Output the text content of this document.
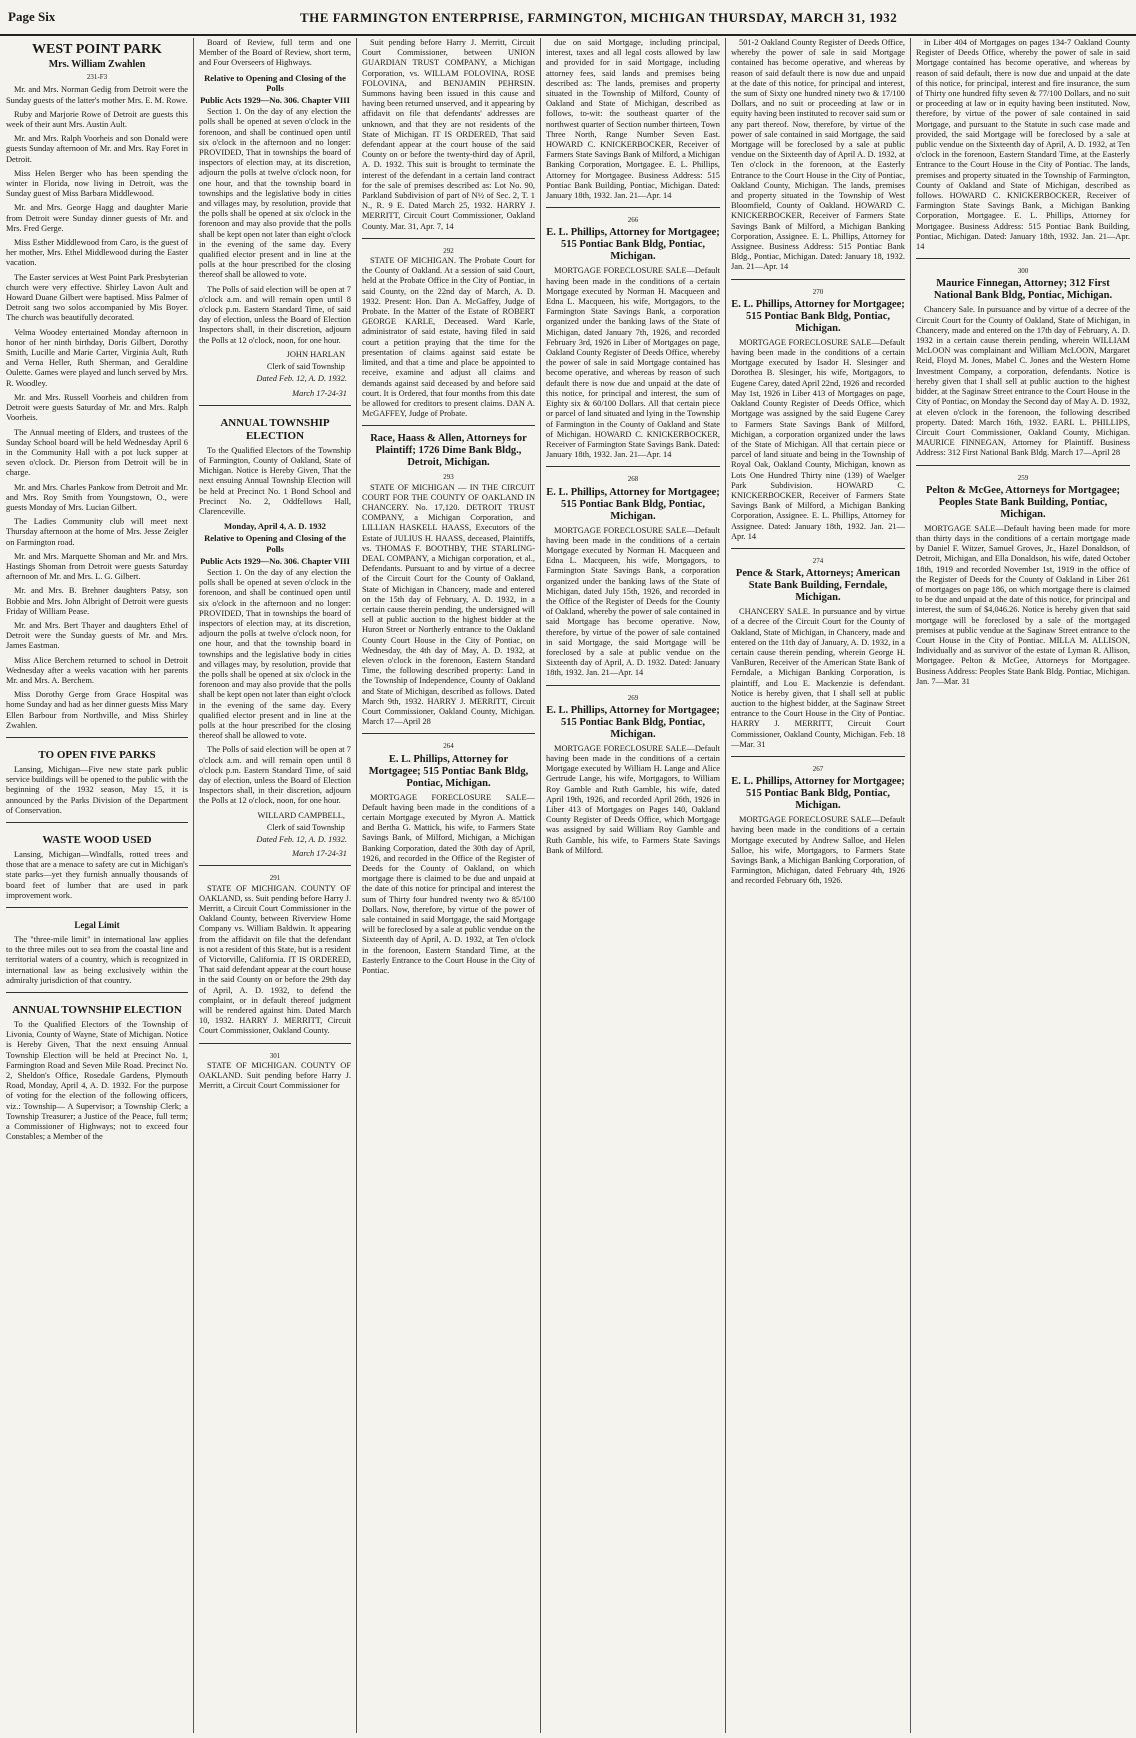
Page Six	THE FARMINGTON ENTERPRISE, FARMINGTON, MICHIGAN THURSDAY, MARCH 31, 1932
WEST POINT PARK
Mrs. William Zwahlen
231-F3

Mr. and Mrs. Norman Gedig from Detroit were the Sunday guests of the latter's mother Mrs. E. M. Rowe.

Ruby and Marjorie Rowe of Detroit are guests this week of their aunt Mrs. Austin Ault.

Mr. and Mrs. Ralph Voorheis and son Donald were guests Sunday afternoon of Mr. and Mrs. Ray Foret in Detroit.

Miss Helen Berger who has been spending the winter in Florida, now living in Detroit, was the Sunday guest of Miss Barbara Middlewood.

Mr. and Mrs. George Hagg and daughter Marie from Detroit were Sunday dinner guests of Mr. and Mrs. Fred Gerge.

Miss Esther Middlewood from Caro, is the guest of her mother, Mrs. Ethel Middlewood during the Easter vacation.

The Easter services at West Point Park Presbyterian church were very effective. Shirley Lavon Ault and Howard Duane Gilbert were baptised. Miss Palmer of Detroit sang two solos accompanied by Mis Boyer. The church was beautifully decorated.

Velma Woodey entertained Monday afternoon in honor of her ninth birthday, Doris Gilbert, Dorothy Smith, Lucille and Marie Carter, Virginia Ault, Ruth and Verna Heller, Ruth Sherman, and Geraldine Oulette. Games were played and lunch served by Mrs. R. Woodley.

Mr. and Mrs. Russell Voorheis and children from Detroit were guests Saturday of Mr. and Mrs. Ralph Voorheis.

The Annual meeting of Elders, and trustees of the Sunday School board will be held Wednesday April 6 in the Community Hall with a pot luck supper at seven o'clock. Dr. Pierson from Detroit will be in charge.

Mr. and Mrs. Charles Pankow from Detroit and Mr. and Mrs. Roy Smith from Youngstown, O., were guests Monday of Mrs. Lucian Gilbert.

The Ladies Community club will meet next Thursday afternoon at the home of Mrs. Jesse Zeigler on Farmington road.

Mr. and Mrs. Marquette Shoman and Mr. and Mrs. Hastings Shoman from Detroit were guests Saturday afternoon of Mr. and Mrs. L. G. Gilbert.

Mr. and Mrs. B. Brehner daughters Patsy, son Bobbie and Mrs. John Albright of Detroit were guests Friday of William Pease.

Mr. and Mrs. Bert Thayer and daughters Ethel of Detroit were the Sunday guests of Mr. and Mrs. James Eastman.

Miss Alice Berchem returned to school in Detroit Wednesday after a weeks vacation with her parents Mr. and Mrs. A. Berchem.

Miss Dorothy Gerge from Grace Hospital was home Sunday and had as her dinner guests Miss Mary Ellen Barbour from Northville, and Miss Shirley Zwahlen.

TO OPEN FIVE PARKS

Lansing, Michigan—Five new state park public service buildings will be opened to the public with the beginning of the 1932 season, May 15, it is announced by the Parks Division of the Department of Conservation.

WASTE WOOD USED

Lansing, Michigan—Windfalls, rotted trees and those that are a menace to safety are cut in Michigan's state parks—yet they furnish annually thousands of board feet of lumber that are used in park improvement work.

Legal Limit

The "three-mile limit" in international law applies to the three miles out to sea from the coastal line and territorial waters of a country, which is recognized in international law as being exclusively within the admiralty jurisdiction of that country.

ANNUAL TOWNSHIP ELECTION

To the Qualified Electors of the Township of Livonia, County of Wayne, State of Michigan. Notice is Hereby Given, That the next ensuing Annual Township Election will be held at Precinct No. 1, Farmington Road and Seven Mile Road. Precinct No. 2, Sheldon's Office, Rosedale Gardens, Plymouth Road, Monday, April 4, A. D. 1932. For the purpose of voting for the election of the following officers, viz.: Township— A Supervisor; a Township Clerk; a Township Treasurer; a Justice of the Peace, full term; a Commissioner of Highways; not to exceed four Constables; a Member of the

Board of Review, full term and one Member of the Board of Review, short term, and Four Overseers of Highways.

Relative to Opening and Closing of the Polls
Public Acts 1929—No. 306. Chapter VIII

Section 1. On the day of any election the polls shall be opened at seven o'clock in the forenoon, and shall be continued open until six o'clock in the afternoon and no longer: PROVIDED, That in townships the board of inspectors of election may, at its discretion, adjourn the polls at twelve o'clock noon, for one hour, and that the township board in townships and the legislative body in cities and villages may, by resolution, provide that the polls shall be opened at six o'clock in the forenoon and may also provide that the polls shall be kept open not later than eight o'clock in the evening of the same day. Every qualified elector present and in line at the polls at the hour prescribed for the closing thereof shall be allowed to vote.

The Polls of said election will be open at 7 o'clock a.m. and will remain open until 8 o'clock p.m. Eastern Standard Time, of said day of election, unless the Board of Election Inspectors shall, in their discretion, adjourn the Polls at 12 o'clock, noon, for one hour.

JOHN HARLAN
Clerk of said Township
Dated Feb. 12, A. D. 1932.
March 17-24-31
ANNUAL TOWNSHIP ELECTION

To the Qualified Electors of the Township of Farmington, County of Oakland, State of Michigan. Notice is Hereby Given, That the next ensuing Annual Township Election will be held at Precinct No. 1 Bond School and Precinct No. 2, Oddfellows Hall, Clarenceville.

Monday, April 4, A. D. 1932
Relative to Opening and Closing of the Polls
Public Acts 1929—No. 306. Chapter VIII

Section 1. On the day of any election the polls shall be opened at seven o'clock in the forenoon, and shall be continued open until six o'clock in the afternoon and no longer: PROVIDED, That in townships the board of inspectors of election may, at its discretion, adjourn the polls at twelve o'clock noon, for one hour, and that the township board in townships and the legislative body in cities and villages may, by resolution, provide that the polls shall be opened at six o'clock in the forenoon and may also provide that the polls shall be kept open not later than eight o'clock in the evening of the same day. Every qualified elector present and in line at the polls at the hour prescribed for the closing thereof shall be allowed to vote.

The Polls of said election will be open at 7 o'clock a.m. and will remain open until 8 o'clock p.m. Eastern Standard Time, of said day of election, unless the Board of Election Inspectors shall, in their discretion, adjourn the Polls at 12 o'clock, noon, for one hour.

WILLARD CAMPBELL,
Clerk of said Township
Dated Feb. 12, A. D. 1932.
March 17-24-31
291

STATE OF MICHIGAN. COUNTY OF OAKLAND, ss. Suit pending before Harry J. Merritt, a Circuit Court Commissioner in the Oakland County, between Riverview Home Company vs. William Baldwin. It appearing from the affidavit on file that the defendant is not a resident of this State, but is a resident of Victorville, California. IT IS ORDERED, That said defendant appear at the court house in the said County on or before the 29th day of April, A. D. 1932, to defend the complaint, or in default thereof judgment will be rendered against him. Dated March 10, 1932. HARRY J. MERRITT, Circuit Court Commissioner, Oakland County.

301

STATE OF MICHIGAN. COUNTY OF OAKLAND. Suit pending before Harry J. Merritt, a Circuit Court Commissioner for

Suit pending before Harry J. Merritt, Circuit Court Commissioner, between UNION GUARDIAN TRUST COMPANY, a Michigan Corporation, vs. WILLAM FOLOVINA, ROSE FOLOVINA, and BENJAMIN PEHRSIN. Summons having been issued in this cause and having been returned unserved, and it appearing by affidavit on file that defendants' addresses are unknown, and that they are not residents of the State of Michigan. IT IS ORDERED, That said defendant appear at the court house of the said County on or before the twenty-third day of April, A. D. 1932. This suit is brought to terminate the interest of the defendant in a certain land contract for the sale of premises described as: Lot No. 90, Parkland Subdivision of part of N½ of Sec. 2, T. 1 N., R. 9 E. Dated March 25, 1932. HARRY J. MERRITT, Circuit Court Commissioner, Oakland County. Mar. 31, Apr. 7, 14

292

STATE OF MICHIGAN. The Probate Court for the County of Oakland. At a session of said Court, held at the Probate Office in the City of Pontiac, in said County, on the 22nd day of March, A. D. 1932. Present: Hon. Dan A. McGaffey, Judge of Probate. In the Matter of the Estate of ROBERT GEORGE KARLE, Deceased. Ward Karle, administrator of said estate, having filed in said court a petition praying that the time for the presentation of claims against said estate be limited, and that a time and place be appointed to receive, examine and adjust all claims and demands against said deceased by and before said court. It is Ordered, that four months from this date be allowed for creditors to present claims. DAN A. McGAFFEY, Judge of Probate.

Race, Haass & Allen, Attorneys for Plaintiff; 1726 Dime Bank Bldg., Detroit, Michigan.
293

STATE OF MICHIGAN — IN THE CIRCUIT COURT FOR THE COUNTY OF OAKLAND IN CHANCERY. No. 17,120. DETROIT TRUST COMPANY, a Michigan Corporation, and LILLIAN HASKELL HAASS, Executors of the Estate of JULIUS H. HAASS, deceased, Plaintiffs, vs. THOMAS F. BOOTHBY, THE STARLING-DEAL COMPANY, a Michigan corporation, et al., Defendants. Pursuant to and by virtue of a decree of the Circuit Court for the County of Oakland, State of Michigan in Chancery, made and entered on the 15th day of February, A. D. 1932, in a certain cause therein pending, the undersigned will sell at public auction to the highest bidder at the Huron Street or Northerly entrance to the Oakland County Court House in the City of Pontiac, on Wednesday, the 4th day of May, A. D. 1932, at eleven o'clock in the forenoon, Eastern Standard Time, the following described property: Land in the Township of Independence, County of Oakland and State of Michigan, described as follows. Dated March 9th, 1932. HARRY J. MERRITT, Circuit Court Commissioner, Oakland County, Michigan. March 17—April 28

264
E. L. Phillips, Attorney for Mortgagee; 515 Pontiac Bank Bldg, Pontiac, Michigan.

MORTGAGE FORECLOSURE SALE—Default having been made in the conditions of a certain Mortgage executed by Myron A. Mattick and Bertha G. Mattick, his wife, to Farmers State Savings Bank, of Milford, Michigan, a Michigan Banking Corporation, dated the 30th day of April, 1926, and recorded in the Office of the Register of Deeds for the County of Oakland, on which mortgage there is claimed to be due and unpaid at the date of this notice for principal and interest the sum of Thirty four hundred twenty two & 85/100 Dollars. Now, therefore, by virtue of the power of sale contained in said Mortgage, the said Mortgage will be foreclosed by a sale at public vendue on the Sixteenth day of April, A. D. 1932, at Ten o'clock in the forenoon, Eastern Standard Time, at the Easterly Entrance to the Court House in the City of Pontiac.

due on said Mortgage, including principal, interest, taxes and all legal costs allowed by law and provided for in said Mortgage, including attorney fees, said lands and premises being described as: The lands, premises and property situated in the Township of Milford, County of Oakland and State of Michigan, described as follows, to-wit: the southeast quarter of the northwest quarter of Section number thirteen, Town Three North, Range Number Seven East. HOWARD C. KNICKERBOCKER, Receiver of Farmers State Savings Bank of Milford, a Michigan Banking Corporation, Mortgagee. E. L. Phillips, Attorney for Mortgagee. Business Address: 515 Pontiac Bank Building, Pontiac, Michigan. Dated: January 18th, 1932. Jan. 21—Apr. 14

266
E. L. Phillips, Attorney for Mortgagee; 515 Pontiac Bank Bldg, Pontiac, Michigan.

MORTGAGE FORECLOSURE SALE—Default having been made in the conditions of a certain Mortgage executed by Norman H. Macqueen and Edna L. Macqueen, his wife, Mortgagors, to the Farmington State Savings Bank, a corporation organized under the banking laws of the State of Michigan, dated January 7th, 1926, and recorded February 3rd, 1926 in Liber of Mortgages on page, Oakland County Register of Deeds Office, whereby the power of sale in said Mortgage contained has become operative, and whereas by reason of such default there is now due and unpaid at the date of this notice, for principal and interest, the sum of Eighty six & 60/100 Dollars. All that certain piece or parcel of land situated and lying in the Township of Farmington in the County of Oakland and State of Michigan. HOWARD C. KNICKERBOCKER, Receiver of Farmington State Savings Bank. Dated: January 18th, 1932. Jan. 21—Apr. 14

268
E. L. Phillips, Attorney for Mortgagee; 515 Pontiac Bank Bldg, Pontiac, Michigan.

MORTGAGE FORECLOSURE SALE—Default having been made in the conditions of a certain Mortgage executed by Norman H. Macqueen and Edna L. Macqueen, his wife, Mortgagors, to Farmington State Savings Bank, a corporation organized under the banking laws of the State of Michigan, dated July 15th, 1926, and recorded in the Office of the Register of Deeds for the County of Oakland, whereby the power of sale contained in said Mortgage has become operative. Now, therefore, by virtue of the power of sale contained in said Mortgage, the said Mortgage will be foreclosed by a sale at public vendue on the Sixteenth day of April, A. D. 1932. Dated: January 18th, 1932. Jan. 21—Apr. 14

269
E. L. Phillips, Attorney for Mortgagee; 515 Pontiac Bank Bldg, Pontiac, Michigan.

MORTGAGE FORECLOSURE SALE—Default having been made in the conditions of a certain Mortgage executed by William H. Lange and Alice Gertrude Lange, his wife, Mortgagors, to William Roy Gamble and Ruth Gamble, his wife, dated April 19th, 1926, and recorded April 26th, 1926 in Liber 413 of Mortgages on Pages 140, Oakland County Register of Deeds Office, which Mortgage was assigned by said William Roy Gamble and Ruth Gamble, his wife, to Farmers State Savings Bank of Milford.

501-2 Oakland County Register of Deeds Office, whereby the power of sale in said Mortgage contained has become operative, and whereas by reason of said default there is now due and unpaid at the date of this notice, for principal and interest, the sum of Sixty one hundred ninety two & 17/100 Dollars, and no suit or proceeding at law or in equity having been instituted to recover said sum or any part thereof. Now, therefore, by virtue of the power of sale contained in said Mortgage, the said Mortgage will be foreclosed by a sale at public vendue on the Sixteenth day of April A. D. 1932, at Ten o'clock in the forenoon, at the Easterly Entrance to the Court House in the City of Pontiac, Oakland County, Michigan. The lands, premises and property situated in the Township of West Bloomfield, County of Oakland. HOWARD C. KNICKERBOCKER, Receiver of Farmers State Savings Bank of Milford, a Michigan Banking Corporation, Assignee. E. L. Phillips, Attorney for Assignee. Business Address: 515 Pontiac Bank Bldg., Pontiac, Michigan. Dated: January 18, 1932. Jan. 21—Apr. 14

270
E. L. Phillips, Attorney for Mortgagee; 515 Pontiac Bank Bldg, Pontiac, Michigan.

MORTGAGE FORECLOSURE SALE—Default having been made in the conditions of a certain Mortgage executed by Isador H. Slesinger and Dorothea B. Slesinger, his wife, Mortgagors, to Eugene Carey, dated April 22nd, 1926 and recorded May 1st, 1926 in Liber 413 of Mortgages on page, Oakland County Register of Deeds Office, which Mortgage was assigned by the said Eugene Carey to Farmers State Savings Bank of Milford, Michigan, a corporation organized under the laws of the State of Michigan. All that certain piece or parcel of land situate and being in the Township of Royal Oak, Oakland County, Michigan, known as Lots One Hundred Thirty nine (139) of Waelger Park Subdivision. HOWARD C. KNICKERBOCKER, Receiver of Farmers State Savings Bank of Milford, a Michigan Banking Corporation, Assignee. E. L. Phillips, Attorney for Assignee. Dated: January 18th, 1932. Jan. 21—Apr. 14

274
Pence & Stark, Attorneys; American State Bank Building, Ferndale, Michigan.

CHANCERY SALE. In pursuance and by virtue of a decree of the Circuit Court for the County of Oakland, State of Michigan, in Chancery, made and entered on the 11th day of January, A. D. 1932, in a certain cause therein pending, wherein George H. VanBuren, Receiver of the American State Bank of Ferndale, a Michigan Banking Corporation, is plaintiff, and Lou E. Mackenzie is defendant. Notice is hereby given, that I shall sell at public auction to the highest bidder, at the Saginaw Street entrance to the Court House in the City of Pontiac. HARRY J. MERRITT, Circuit Court Commissioner, Oakland County, Michigan. Feb. 18—Mar. 31

267
E. L. Phillips, Attorney for Mortgagee; 515 Pontiac Bank Bldg, Pontiac, Michigan.

MORTGAGE FORECLOSURE SALE—Default having been made in the conditions of a certain Mortgage executed by Andrew Salloe, and Helen Salloe, his wife, Mortgagors, to Farmers State Savings Bank, a Michigan Banking Corporation, of Farmington, Michigan, dated February 4th, 1926 and recorded February 6th, 1926.

in Liber 404 of Mortgages on pages 134-7 Oakland County Register of Deeds Office, whereby the power of sale in said Mortgage contained has become operative, and whereas by reason of said default, there is now due and unpaid at the date of this notice, for principal, interest and fire insurance, the sum of Thirty one hundred fifty seven & 77/100 Dollars, and no suit or proceeding at law or in equity having been instituted. Now, therefore, by virtue of the power of sale contained in said Mortgage, and pursuant to the Statute in such case made and provided, the said Mortgage will be foreclosed by a sale at public vendue on the Sixteenth day of April, A. D. 1932, at Ten o'clock in the forenoon, Eastern Standard Time, at the Easterly Entrance to the Court House in the City of Pontiac. The lands, premises and property situated in the Township of Farmington, County of Oakland and State of Michigan, described as follows. HOWARD C. KNICKERBOCKER, Receiver of Farmington State Savings Bank, a Michigan Banking Corporation, Mortgagee. E. L. Phillips, Attorney for Mortgagee. Business Address: 515 Pontiac Bank Building, Pontiac, Michigan. Dated: January 18th, 1932. Jan. 21—Apr. 14

300
Maurice Finnegan, Attorney; 312 First National Bank Bldg, Pontiac, Michigan.

Chancery Sale. In pursuance and by virtue of a decree of the Circuit Court for the County of Oakland, State of Michigan, in Chancery, made and entered on the 17th day of February, A. D. 1932 in a certain cause therein pending, wherein WILLIAM McLOON was complainant and William McLOON, Margaret Reid, Floyd M. Jones, Mabel C. Jones and the Western Home Investment Company, a corporation, defendants. Notice is hereby given that I shall sell at public auction to the highest bidder, at the Saginaw Street entrance to the Court House in the City of Pontiac, on Monday the Second day of May A. D. 1932, at eleven o'clock in the forenoon, the following described property. Dated: March 16th, 1932. EARL L. PHILLIPS, Circuit Court Commissioner, Oakland County, Michigan. MAURICE FINNEGAN, Attorney for Plaintiff. Business Address: 312 First National Bank Bldg. March 17—April 28

259
Pelton & McGee, Attorneys for Mortgagee; Peoples State Bank Building, Pontiac, Michigan.

MORTGAGE SALE—Default having been made for more than thirty days in the conditions of a certain mortgage made by Daniel F. Witzer, Samuel Groves, Jr., Hazel Donaldson, of Detroit, Michigan, and Ella Donaldson, his wife, dated October 18th, 1919 and recorded November 1st, 1919 in the office of the Register of Deeds for the County of Oakland in Liber 261 of mortgages on page 186, on which mortgage there is claimed to be due and unpaid at the date of this notice, for principal and interest, the sum of $4,046.26. Notice is hereby given that said mortgage will be foreclosed by a sale of the mortgaged premises at public vendue at the Saginaw Street entrance to the Court House in the City of Pontiac. MILLA M. ALLISON, Individually and as survivor of the estate of Lyman R. Allison, Mortgagee. Pelton & McGee, Attorneys for Mortgagee. Business Address: Peoples State Bank Bldg. Pontiac, Michigan. Jan. 7—Mar. 31
